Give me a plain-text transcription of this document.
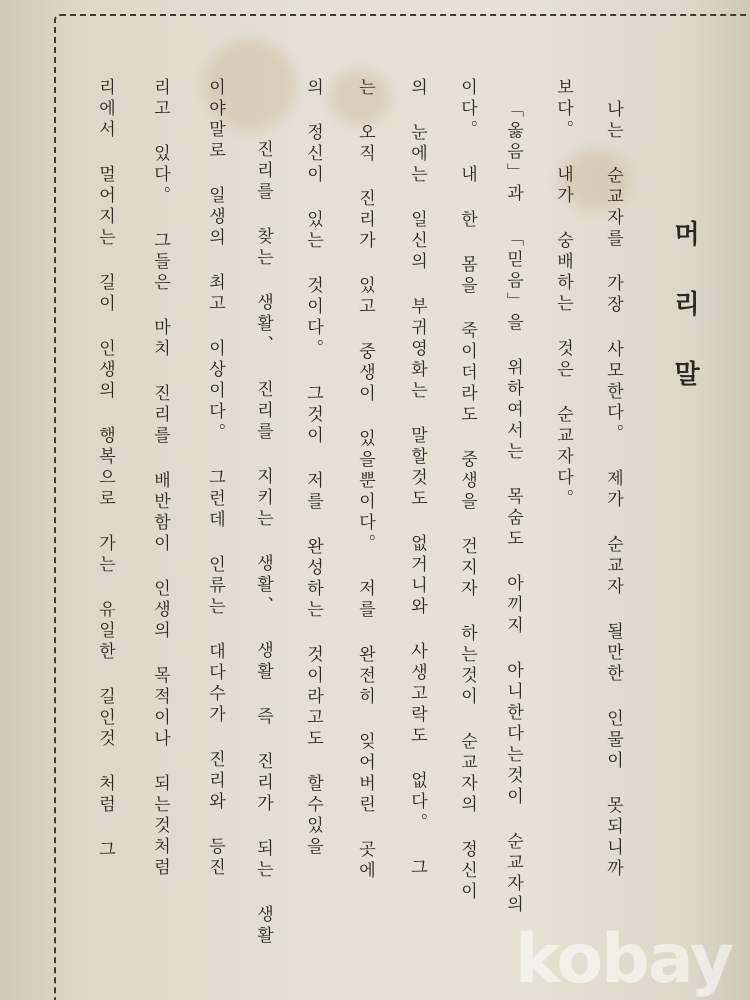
머
리
말
나는 순교자를 가장 사모한다。 제가 순교자 될만한 인물이 못되니까
보다。 내가 숭배하는 것은 순교자다。
「옳음」과 「믿음」을 위하여서는 목숨도 아끼지 아니한다는것이 순교자의
이다。 내 한 몸을 죽이더라도 중생을 건지자 하는것이 순교자의 정신이
의 눈에는 일신의 부귀영화는 말할것도 없거니와 사생고락도 없다。 그
는 오직 진리가 있고 중생이 있을뿐이다。 저를 완전히 잊어버린 곳에
의 정신이 있는 것이다。 그것이 저를 완성하는 것이라고도 할수있을
진리를 찾는 생활、 진리를 지키는 생활、 생활 즉 진리가 되는 생활
이야말로 일생의 최고 이상이다。 그런데 인류는 대다수가 진리와 등진
리고 있다。 그들은 마치 진리를 배반함이 인생의 목적이나 되는것처럼
리에서 멀어지는 길이 인생의 행복으로 가는 유일한 길인것 처럼 그
kobay
